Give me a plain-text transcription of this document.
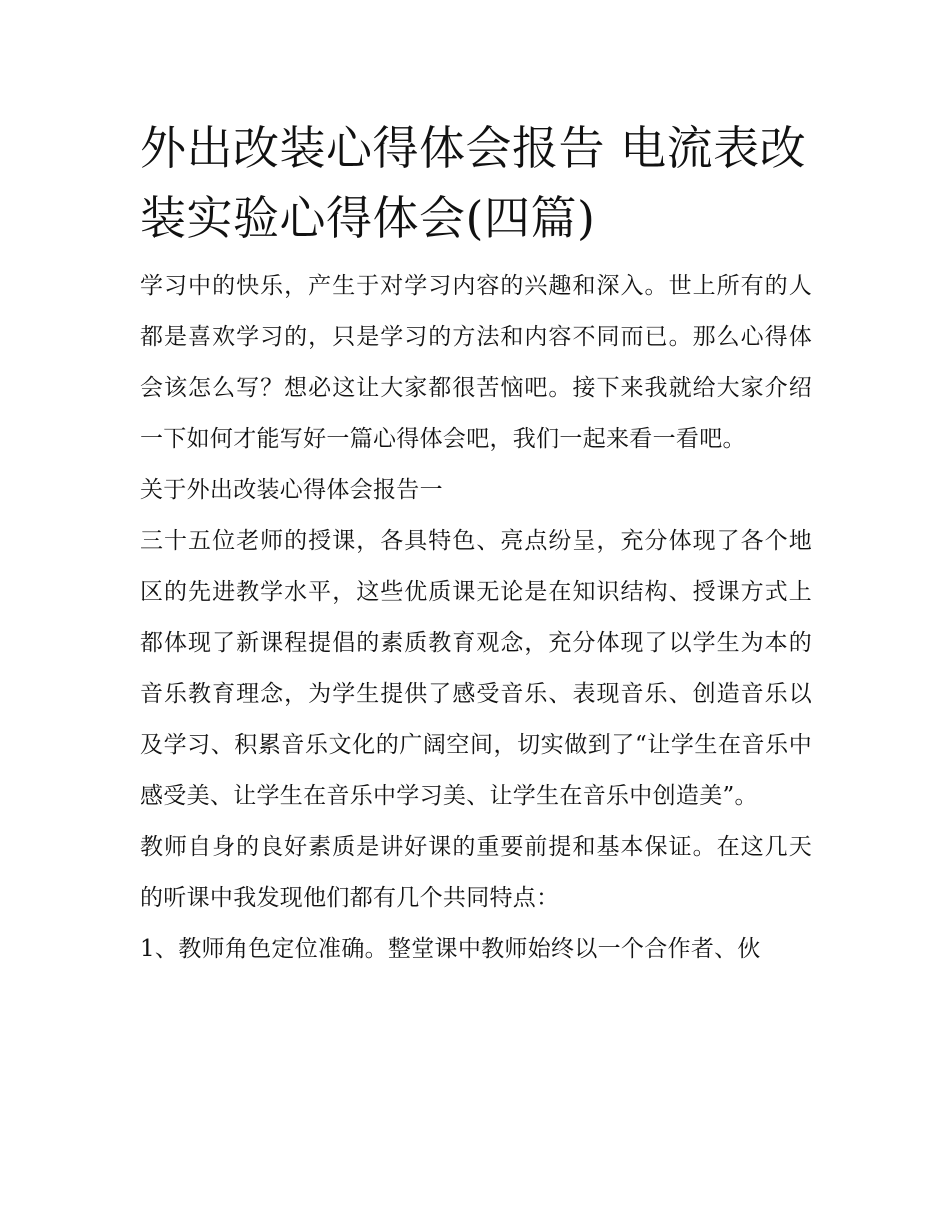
外出改装心得体会报告 电流表改装实验心得体会(四篇)

学习中的快乐，产生于对学习内容的兴趣和深入。世上所有的人都是喜欢学习的，只是学习的方法和内容不同而已。那么心得体会该怎么写？想必这让大家都很苦恼吧。接下来我就给大家介绍一下如何才能写好一篇心得体会吧，我们一起来看一看吧。

关于外出改装心得体会报告一

三十五位老师的授课，各具特色、亮点纷呈，充分体现了各个地区的先进教学水平，这些优质课无论是在知识结构、授课方式上都体现了新课程提倡的素质教育观念，充分体现了以学生为本的音乐教育理念，为学生提供了感受音乐、表现音乐、创造音乐以及学习、积累音乐文化的广阔空间，切实做到了“让学生在音乐中感受美、让学生在音乐中学习美、让学生在音乐中创造美”。

教师自身的良好素质是讲好课的重要前提和基本保证。在这几天的听课中我发现他们都有几个共同特点：

1、教师角色定位准确。整堂课中教师始终以一个合作者、伙
